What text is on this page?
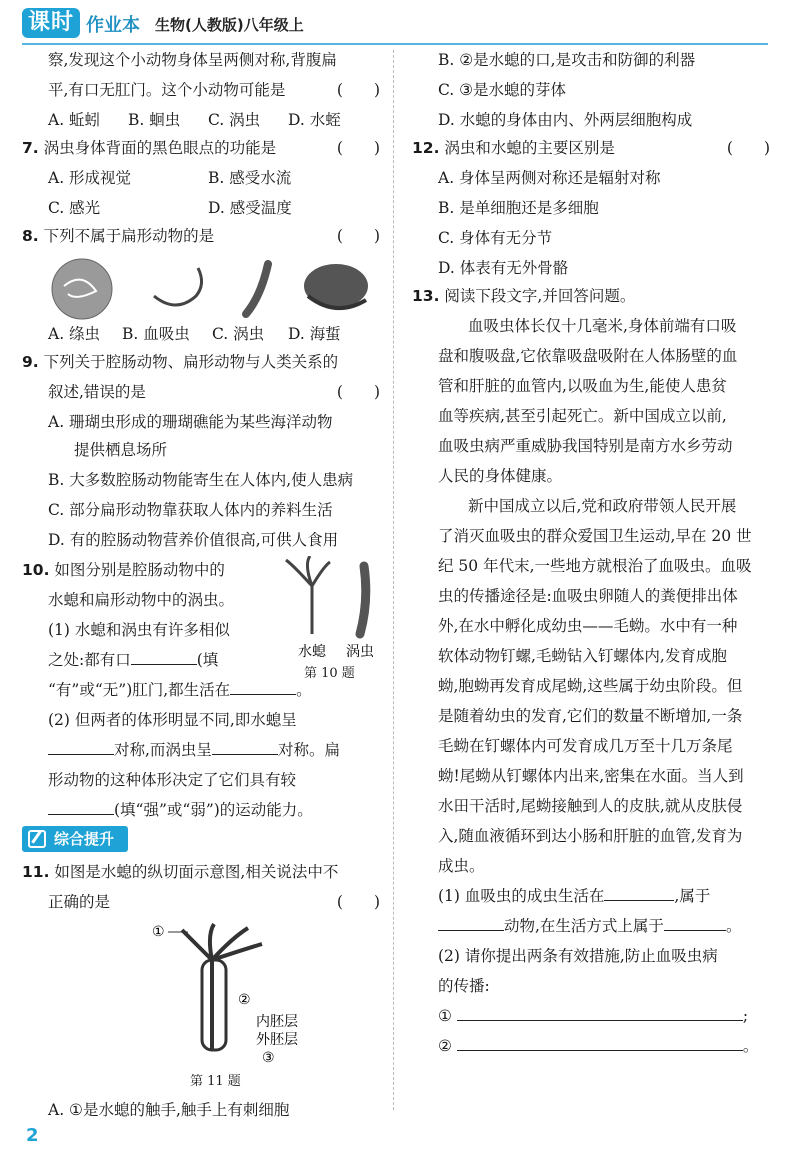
课时 作业本 生物(人教版)八年级上
察,发现这个小动物身体呈两侧对称,背腹扁
平,有口无肛门。这个小动物可能是	(　　)
A. 蚯蚓 B. 蛔虫 C. 涡虫 D. 水蛭
7. 涡虫身体背面的黑色眼点的功能是	(　　)
A. 形成视觉	B. 感受水流
C. 感光	D. 感受温度
8. 下列不属于扁形动物的是	(　　)
A. 绦虫 B. 血吸虫 C. 涡虫 D. 海蜇
9. 下列关于腔肠动物、扁形动物与人类关系的
叙述,错误的是	(　　)
A. 珊瑚虫形成的珊瑚礁能为某些海洋动物
提供栖息场所
B. 大多数腔肠动物能寄生在人体内,使人患病
C. 部分扁形动物靠获取人体内的养料生活
D. 有的腔肠动物营养价值很高,可供人食用
10. 如图分别是腔肠动物中的
水螅和扁形动物中的涡虫。
水螅 涡虫
第 10 题
(1) 水螅和涡虫有许多相似
之处:都有口	(填
“有”或“无”)肛门,都生活在	。
(2) 但两者的体形明显不同,即水螅呈
对称,而涡虫呈	对称。扁
形动物的这种体形决定了它们具有较
(填“强”或“弱”)的运动能力。
综合提升
11. 如图是水螅的纵切面示意图,相关说法中不
正确的是	(　　)
①
②
内胚层
外胚层
③
第 11 题
A. ①是水螅的触手,触手上有刺细胞
B. ②是水螅的口,是攻击和防御的利器
C. ③是水螅的芽体
D. 水螅的身体由内、外两层细胞构成
12. 涡虫和水螅的主要区别是	(　　)
A. 身体呈两侧对称还是辐射对称
B. 是单细胞还是多细胞
C. 身体有无分节
D. 体表有无外骨骼
13. 阅读下段文字,并回答问题。
血吸虫体长仅十几毫米,身体前端有口吸
盘和腹吸盘,它依靠吸盘吸附在人体肠壁的血
管和肝脏的血管内,以吸血为生,能使人患贫
血等疾病,甚至引起死亡。新中国成立以前,
血吸虫病严重威胁我国特别是南方水乡劳动
人民的身体健康。
新中国成立以后,党和政府带领人民开展
了消灭血吸虫的群众爱国卫生运动,早在 20 世
纪 50 年代末,一些地方就根治了血吸虫。血吸
虫的传播途径是:血吸虫卵随人的粪便排出体
外,在水中孵化成幼虫——毛蚴。水中有一种
软体动物钉螺,毛蚴钻入钉螺体内,发育成胞
蚴,胞蚴再发育成尾蚴,这些属于幼虫阶段。但
是随着幼虫的发育,它们的数量不断增加,一条
毛蚴在钉螺体内可发育成几万至十几万条尾
蚴!尾蚴从钉螺体内出来,密集在水面。当人到
水田干活时,尾蚴接触到人的皮肤,就从皮肤侵
入,随血液循环到达小肠和肝脏的血管,发育为
成虫。
(1) 血吸虫的成虫生活在	,属于
动物,在生活方式上属于	。
(2) 请你提出两条有效措施,防止血吸虫病
的传播:
①	;
②	。
2
